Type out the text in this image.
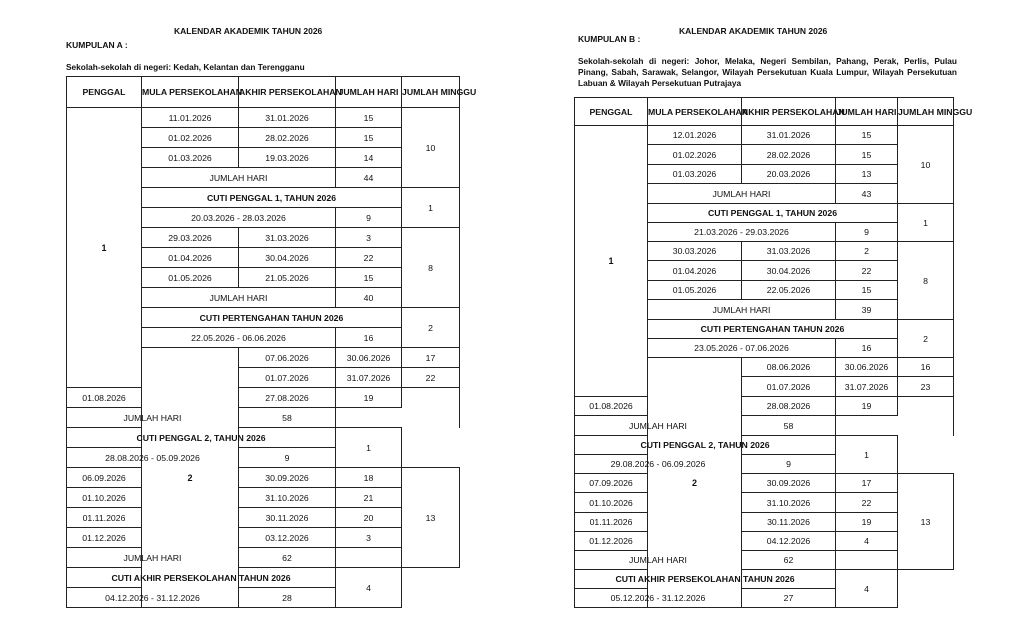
KALENDAR AKADEMIK TAHUN 2026
KUMPULAN A :
Sekolah-sekolah di negeri: Kedah, Kelantan dan Terengganu
PENGGAL	MULA PERSEKOLAHAN	AKHIR PERSEKOLAHAN	JUMLAH HARI	JUMLAH MINGGU	
1	11.01.2026	31.01.2026	15	10	
	01.02.2026	28.02.2026	15		
	01.03.2026	19.03.2026	14		
	JUMLAH HARI		44		
	CUTI PENGGAL 1, TAHUN 2026			1	
	20.03.2026 - 28.03.2026		9		
	29.03.2026	31.03.2026	3	8	
	01.04.2026	30.04.2026	22		
	01.05.2026	21.05.2026	15		
	JUMLAH HARI		40		
	CUTI PERTENGAHAN TAHUN 2026			2	
	22.05.2026 - 06.06.2026		16		
	2	07.06.2026	30.06.2026	17	
		01.07.2026	31.07.2026	22	
01.08.2026		27.08.2026	19		
JUMLAH HARI		58			
CUTI PENGGAL 2, TAHUN 2026			1		
28.08.2026 - 05.09.2026		9			
06.09.2026		30.09.2026	18	13	
01.10.2026		31.10.2026	21		
01.11.2026		30.11.2026	20		
01.12.2026		03.12.2026	3		
JUMLAH HARI		62			
CUTI AKHIR PERSEKOLAHAN TAHUN 2026			4		
04.12.2026 - 31.12.2026		28			
KALENDAR AKADEMIK TAHUN 2026
KUMPULAN B :
Sekolah-sekolah di negeri: Johor, Melaka, Negeri Sembilan, Pahang, Perak, Perlis, Pulau Pinang, Sabah, Sarawak, Selangor, Wilayah Persekutuan Kuala Lumpur, Wilayah Persekutuan Labuan & Wilayah Persekutuan Putrajaya
PENGGAL	MULA PERSEKOLAHAN	AKHIR PERSEKOLAHAN	JUMLAH HARI	JUMLAH MINGGU	
1	12.01.2026	31.01.2026	15	10	
	01.02.2026	28.02.2026	15		
	01.03.2026	20.03.2026	13		
	JUMLAH HARI		43		
	CUTI PENGGAL 1, TAHUN 2026			1	
	21.03.2026 - 29.03.2026		9		
	30.03.2026	31.03.2026	2	8	
	01.04.2026	30.04.2026	22		
	01.05.2026	22.05.2026	15		
	JUMLAH HARI		39		
	CUTI PERTENGAHAN TAHUN 2026			2	
	23.05.2026 - 07.06.2026		16		
	2	08.06.2026	30.06.2026	16	
		01.07.2026	31.07.2026	23	
01.08.2026		28.08.2026	19		
JUMLAH HARI		58			
CUTI PENGGAL 2, TAHUN 2026			1		
29.08.2026 - 06.09.2026		9			
07.09.2026		30.09.2026	17	13	
01.10.2026		31.10.2026	22		
01.11.2026		30.11.2026	19		
01.12.2026		04.12.2026	4		
JUMLAH HARI		62			
CUTI AKHIR PERSEKOLAHAN TAHUN 2026			4		
05.12.2026 - 31.12.2026		27			
